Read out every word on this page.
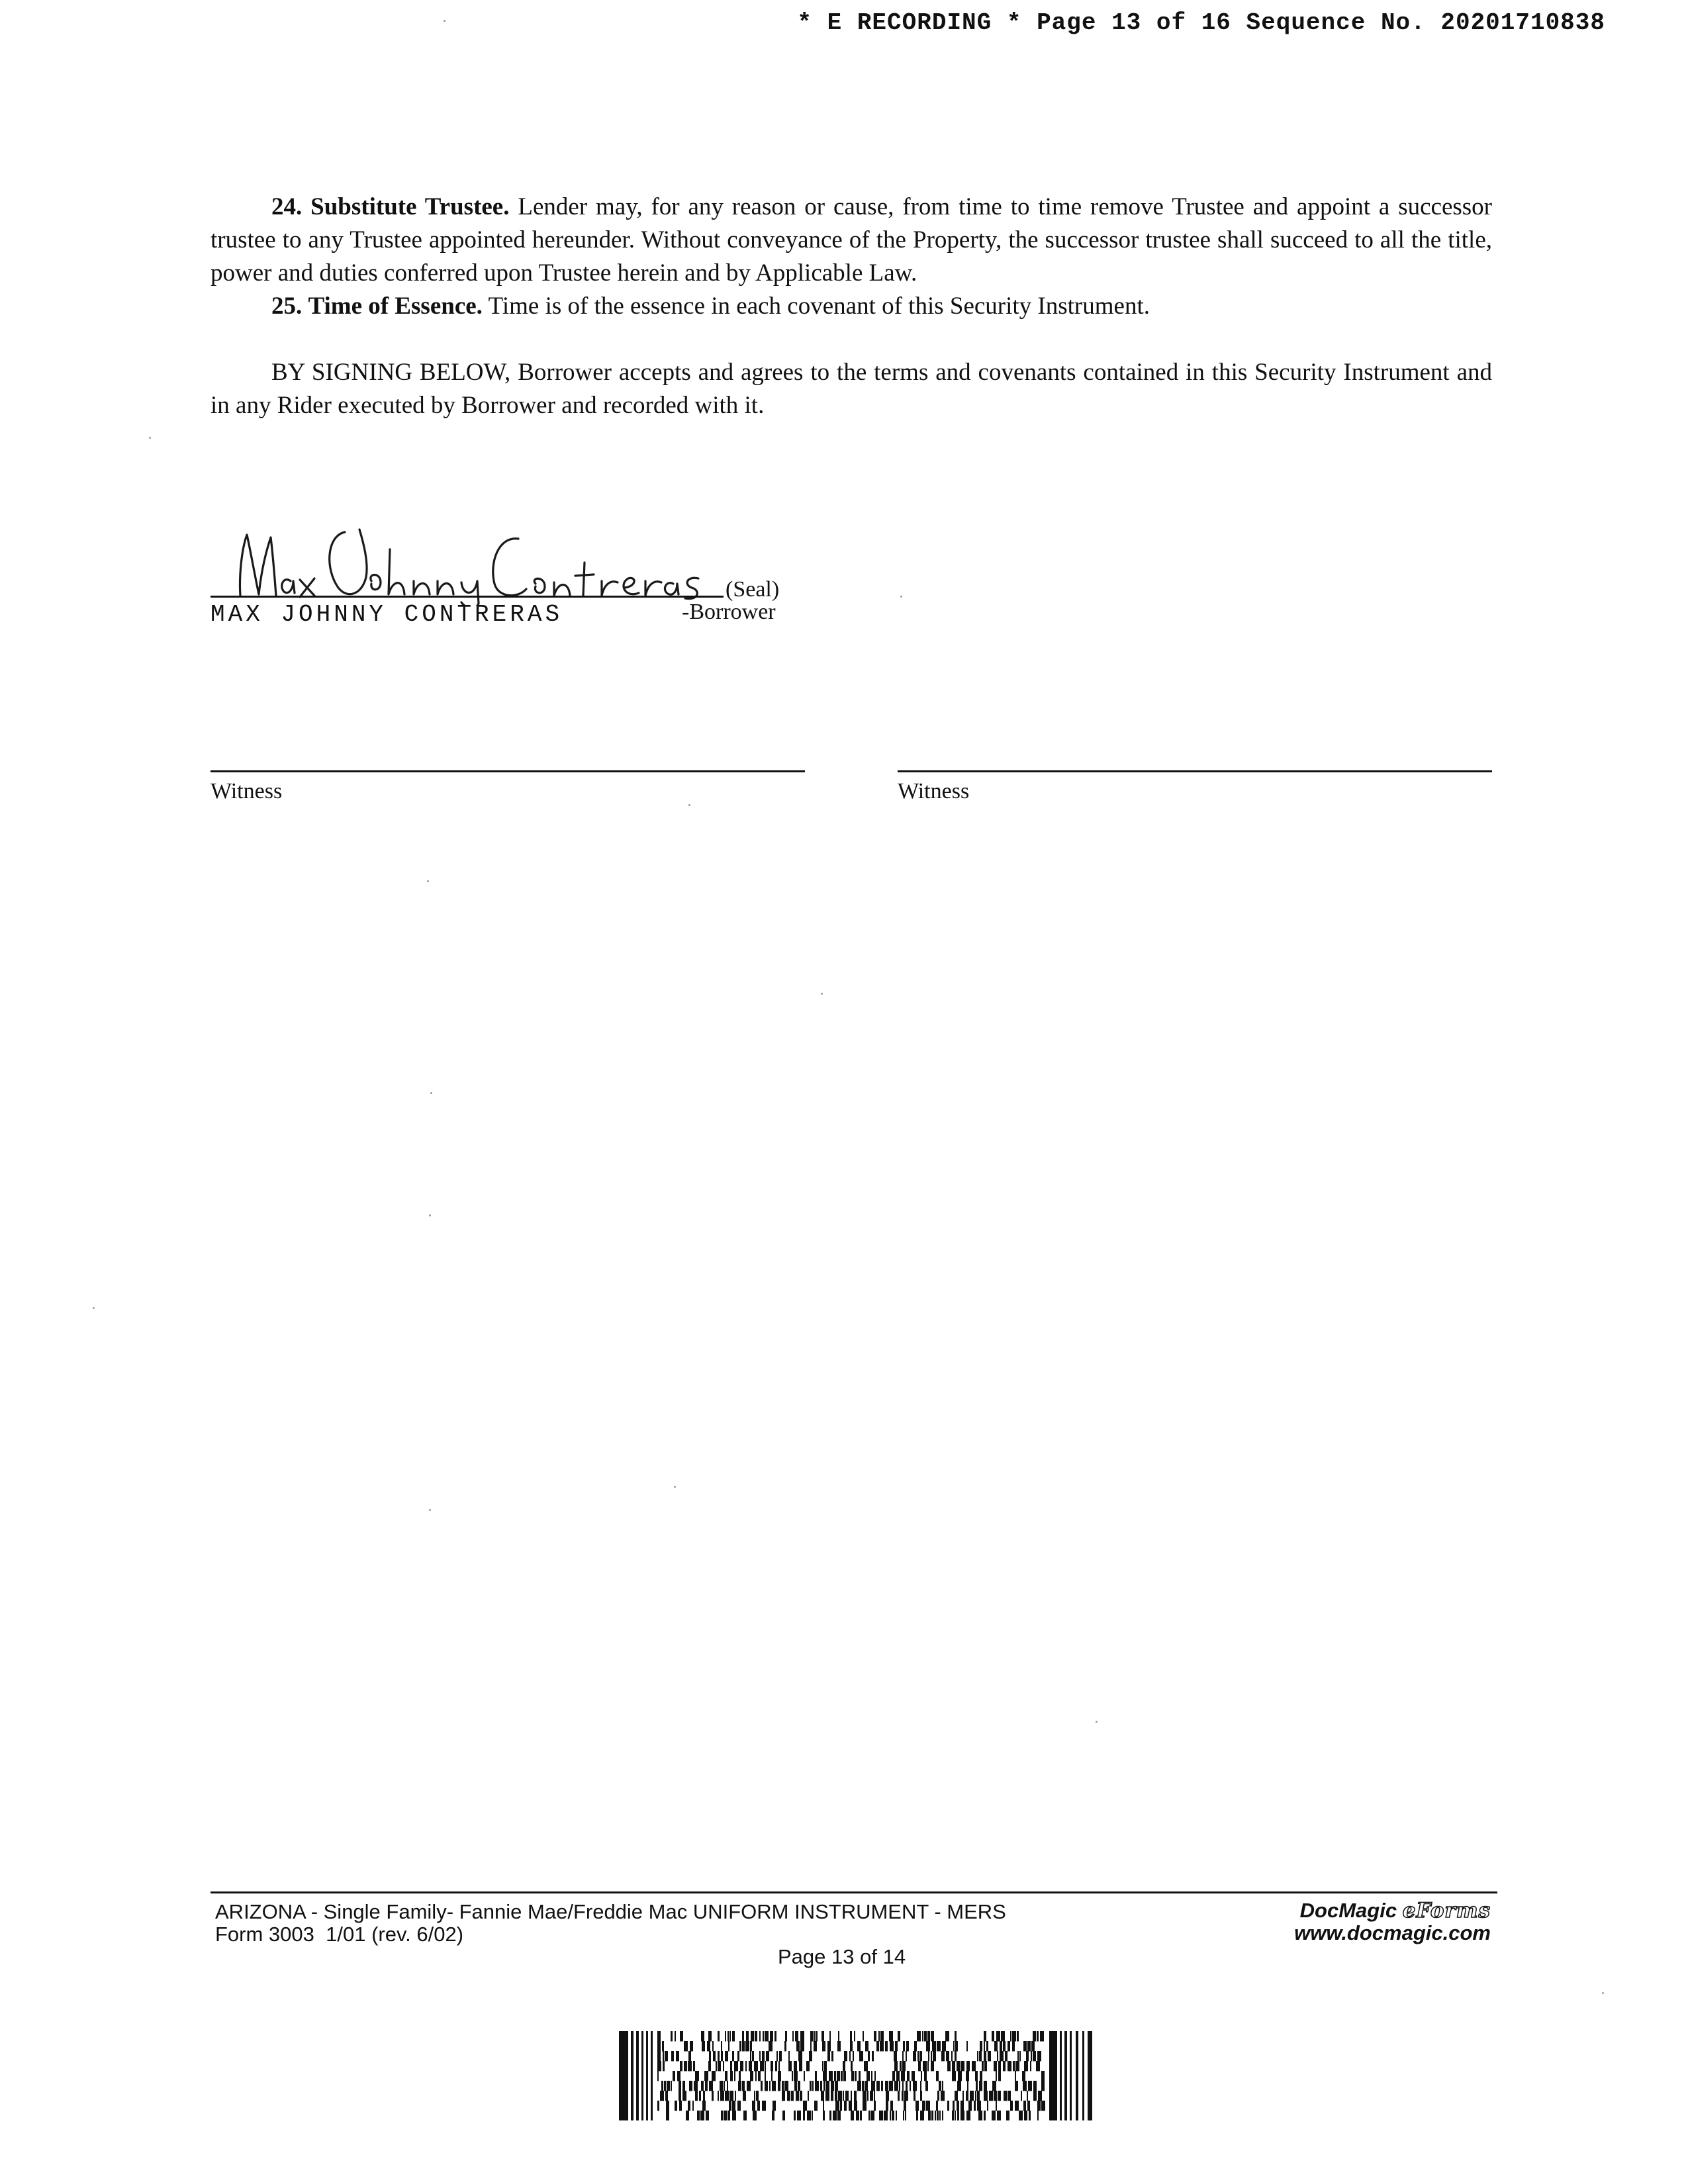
* E RECORDING * Page 13 of 16 Sequence No. 20201710838

24. Substitute Trustee. Lender may, for any reason or cause, from time to time remove Trustee and appoint a successor trustee to any Trustee appointed hereunder. Without conveyance of the Property, the successor trustee shall succeed to all the title, power and duties conferred upon Trustee herein and by Applicable Law.

25. Time of Essence. Time is of the essence in each covenant of this Security Instrument.

BY SIGNING BELOW, Borrower accepts and agrees to the terms and covenants contained in this Security Instrument and in any Rider executed by Borrower and recorded with it.

(Seal)
MAX JOHNNY CONTRERAS	-Borrower
Witness	Witness
ARIZONA - Single Family- Fannie Mae/Freddie Mac UNIFORM INSTRUMENT - MERS
Form 3003  1/01 (rev. 6/02)
Page 13 of 14
DocMagic eForms
www.docmagic.com
